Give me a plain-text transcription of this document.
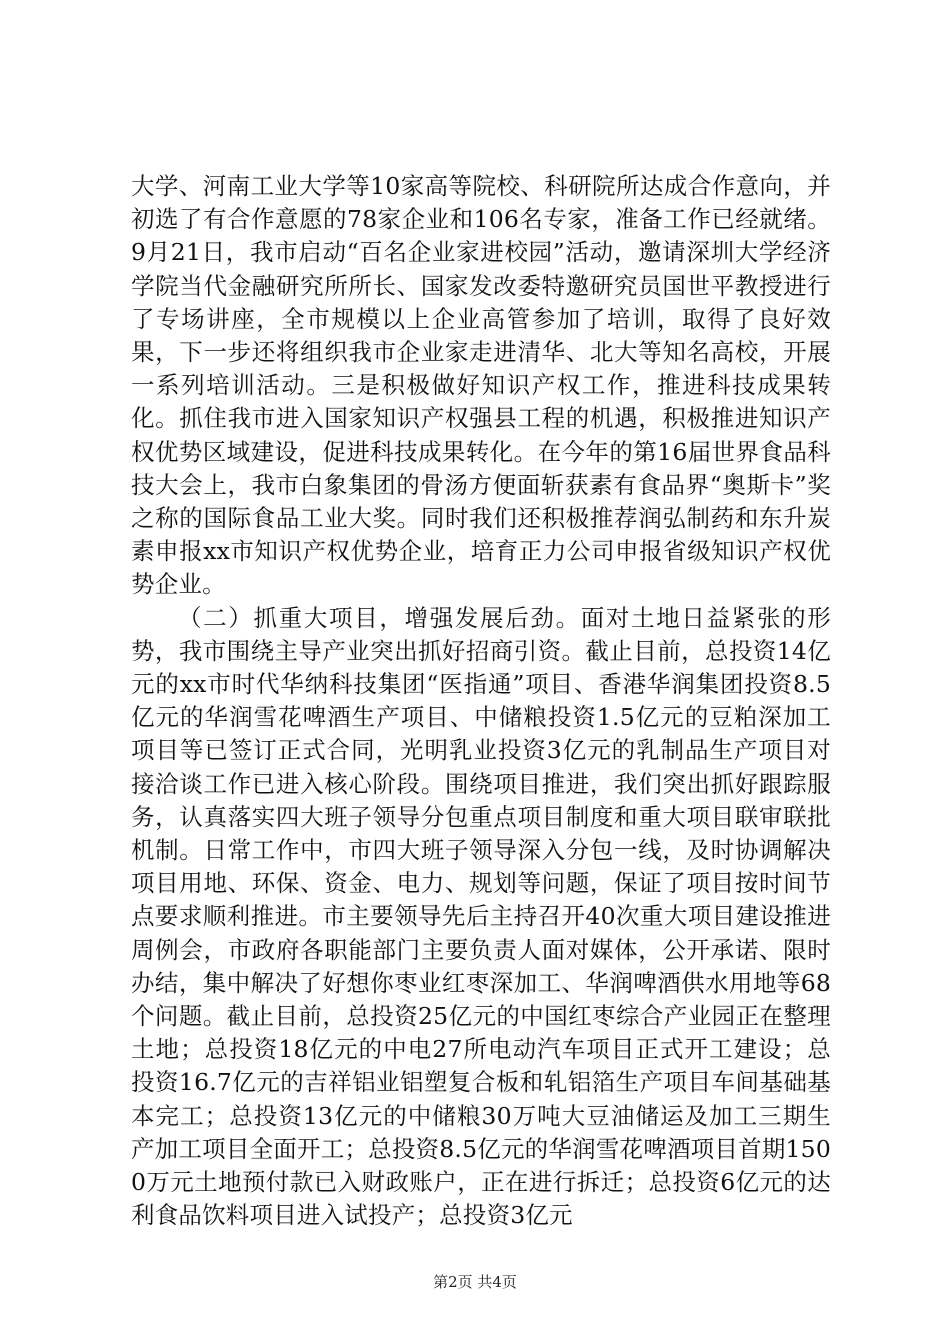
大学、河南工业大学等10家高等院校、科研院所达成合作意向，并初选了有合作意愿的78家企业和106名专家，准备工作已经就绪。9月21日，我市启动“百名企业家进校园”活动，邀请深圳大学经济学院当代金融研究所所长、国家发改委特邀研究员国世平教授进行了专场讲座，全市规模以上企业高管参加了培训，取得了良好效果，下一步还将组织我市企业家走进清华、北大等知名高校，开展一系列培训活动。三是积极做好知识产权工作，推进科技成果转化。抓住我市进入国家知识产权强县工程的机遇，积极推进知识产权优势区域建设，促进科技成果转化。在今年的第16届世界食品科技大会上，我市白象集团的骨汤方便面斩获素有食品界“奥斯卡”奖之称的国际食品工业大奖。同时我们还积极推荐润弘制药和东升炭素申报xx市知识产权优势企业，培育正力公司申报省级知识产权优势企业。

（二）抓重大项目，增强发展后劲。面对土地日益紧张的形势，我市围绕主导产业突出抓好招商引资。截止目前，总投资14亿元的xx市时代华纳科技集团“医指通”项目、香港华润集团投资8.5亿元的华润雪花啤酒生产项目、中储粮投资1.5亿元的豆粕深加工项目等已签订正式合同，光明乳业投资3亿元的乳制品生产项目对接洽谈工作已进入核心阶段。围绕项目推进，我们突出抓好跟踪服务，认真落实四大班子领导分包重点项目制度和重大项目联审联批机制。日常工作中，市四大班子领导深入分包一线，及时协调解决项目用地、环保、资金、电力、规划等问题，保证了项目按时间节点要求顺利推进。市主要领导先后主持召开40次重大项目建设推进周例会，市政府各职能部门主要负责人面对媒体，公开承诺、限时办结，集中解决了好想你枣业红枣深加工、华润啤酒供水用地等68个问题。截止目前，总投资25亿元的中国红枣综合产业园正在整理土地；总投资18亿元的中电27所电动汽车项目正式开工建设；总投资16.7亿元的吉祥铝业铝塑复合板和轧铝箔生产项目车间基础基本完工；总投资13亿元的中储粮30万吨大豆油储运及加工三期生产加工项目全面开工；总投资8.5亿元的华润雪花啤酒项目首期1500万元土地预付款已入财政账户，正在进行拆迁；总投资6亿元的达利食品饮料项目进入试投产；总投资3亿元

第2页 共4页
